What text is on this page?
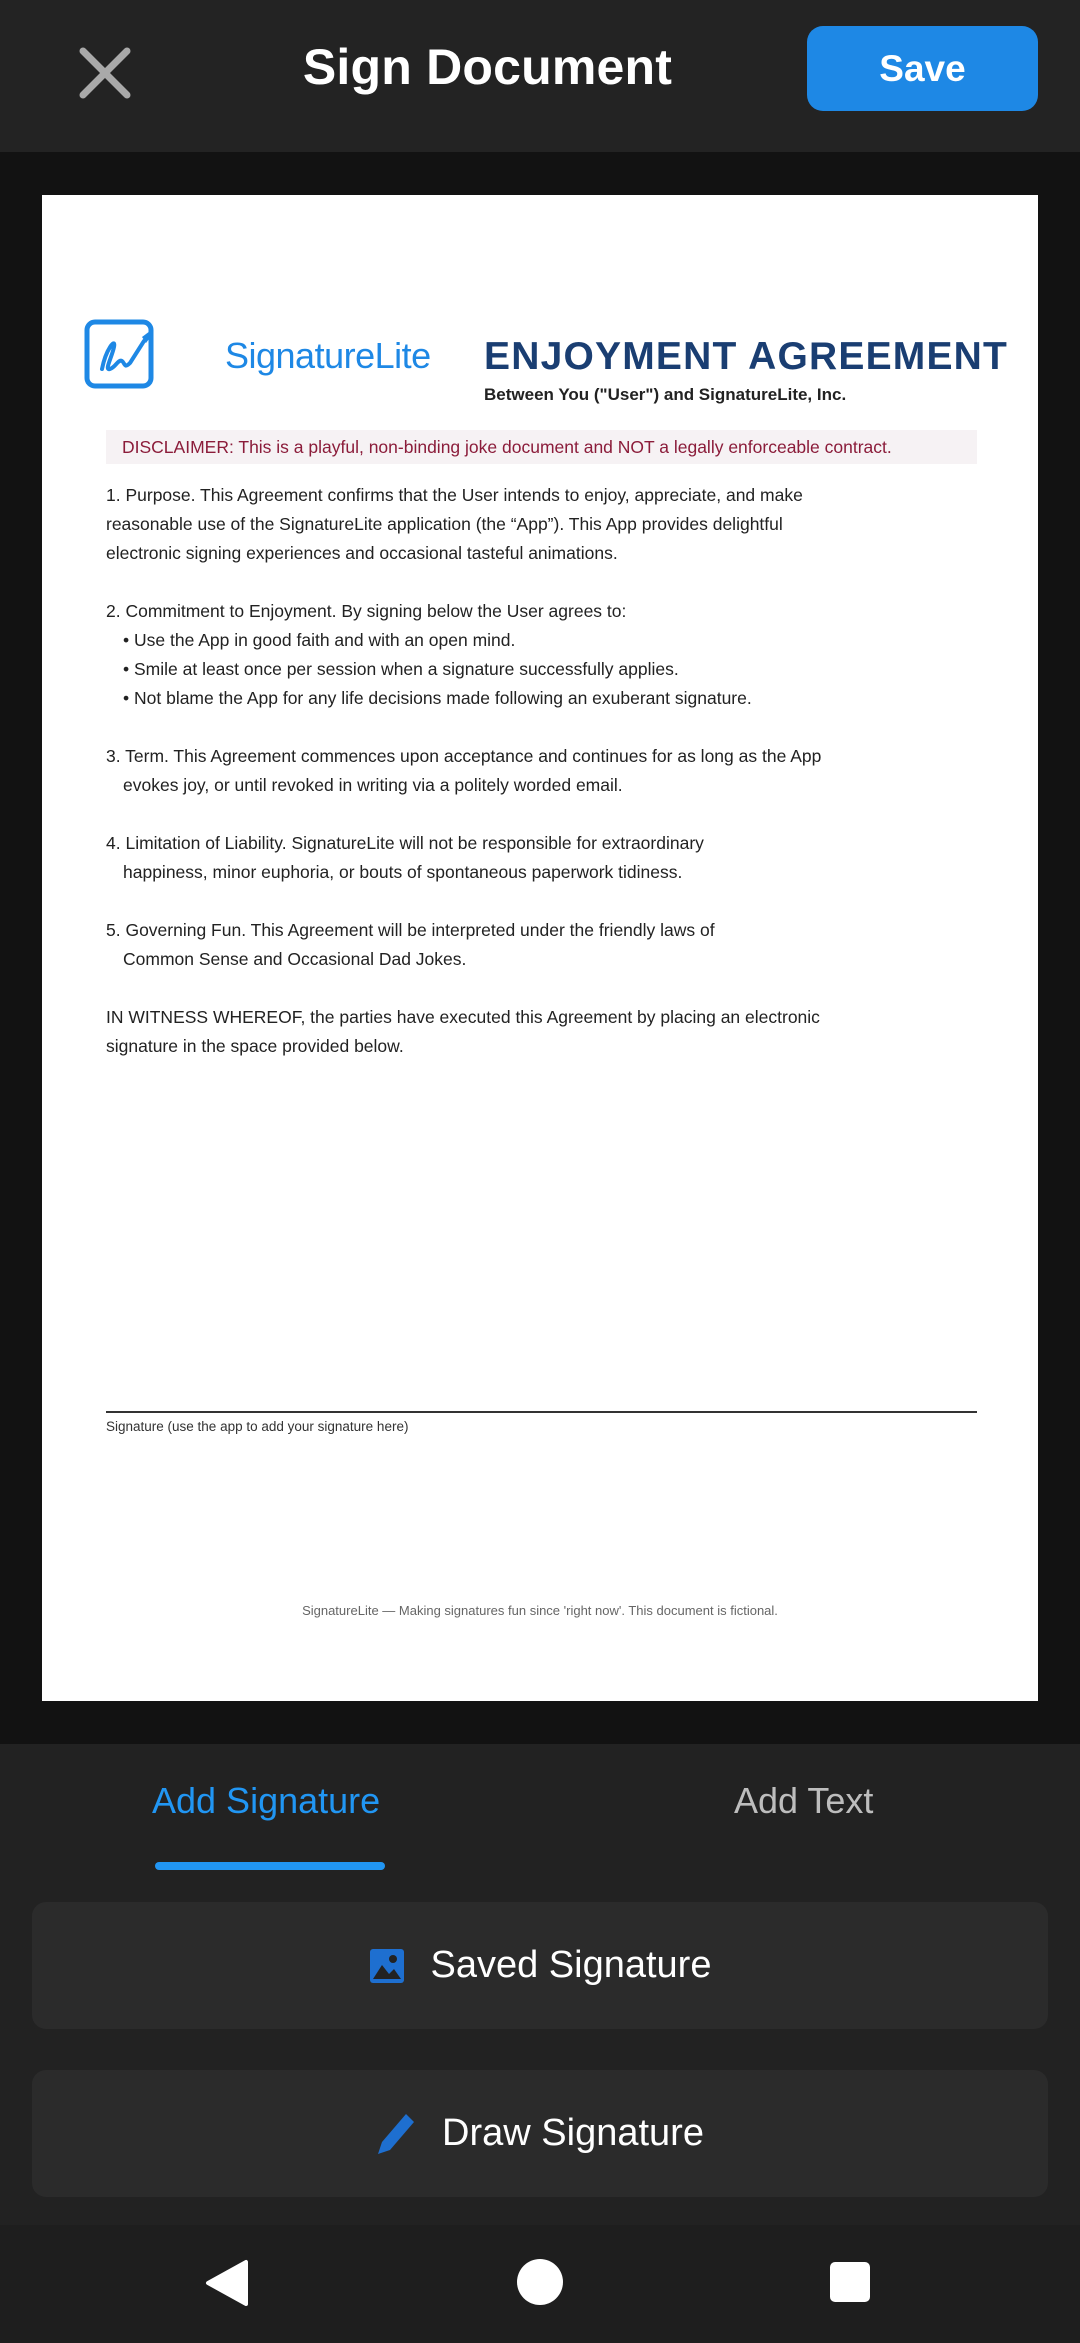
Sign Document	Save
SignatureLite ENJOYMENT AGREEMENT
Between You ("User") and SignatureLite, Inc.
DISCLAIMER: This is a playful, non-binding joke document and NOT a legally enforceable contract.

1. Purpose. This Agreement confirms that the User intends to enjoy, appreciate, and make
reasonable use of the SignatureLite application (the “App”). This App provides delightful
electronic signing experiences and occasional tasteful animations.

2. Commitment to Enjoyment. By signing below the User agrees to:
• Use the App in good faith and with an open mind.
• Smile at least once per session when a signature successfully applies.
• Not blame the App for any life decisions made following an exuberant signature.

3. Term. This Agreement commences upon acceptance and continues for as long as the App
evokes joy, or until revoked in writing via a politely worded email.

4. Limitation of Liability. SignatureLite will not be responsible for extraordinary
happiness, minor euphoria, or bouts of spontaneous paperwork tidiness.

5. Governing Fun. This Agreement will be interpreted under the friendly laws of
Common Sense and Occasional Dad Jokes.

IN WITNESS WHEREOF, the parties have executed this Agreement by placing an electronic
signature in the space provided below.

Signature (use the app to add your signature here)
SignatureLite — Making signatures fun since 'right now'. This document is fictional.
Add Signature	Add Text
Saved Signature
Draw Signature
